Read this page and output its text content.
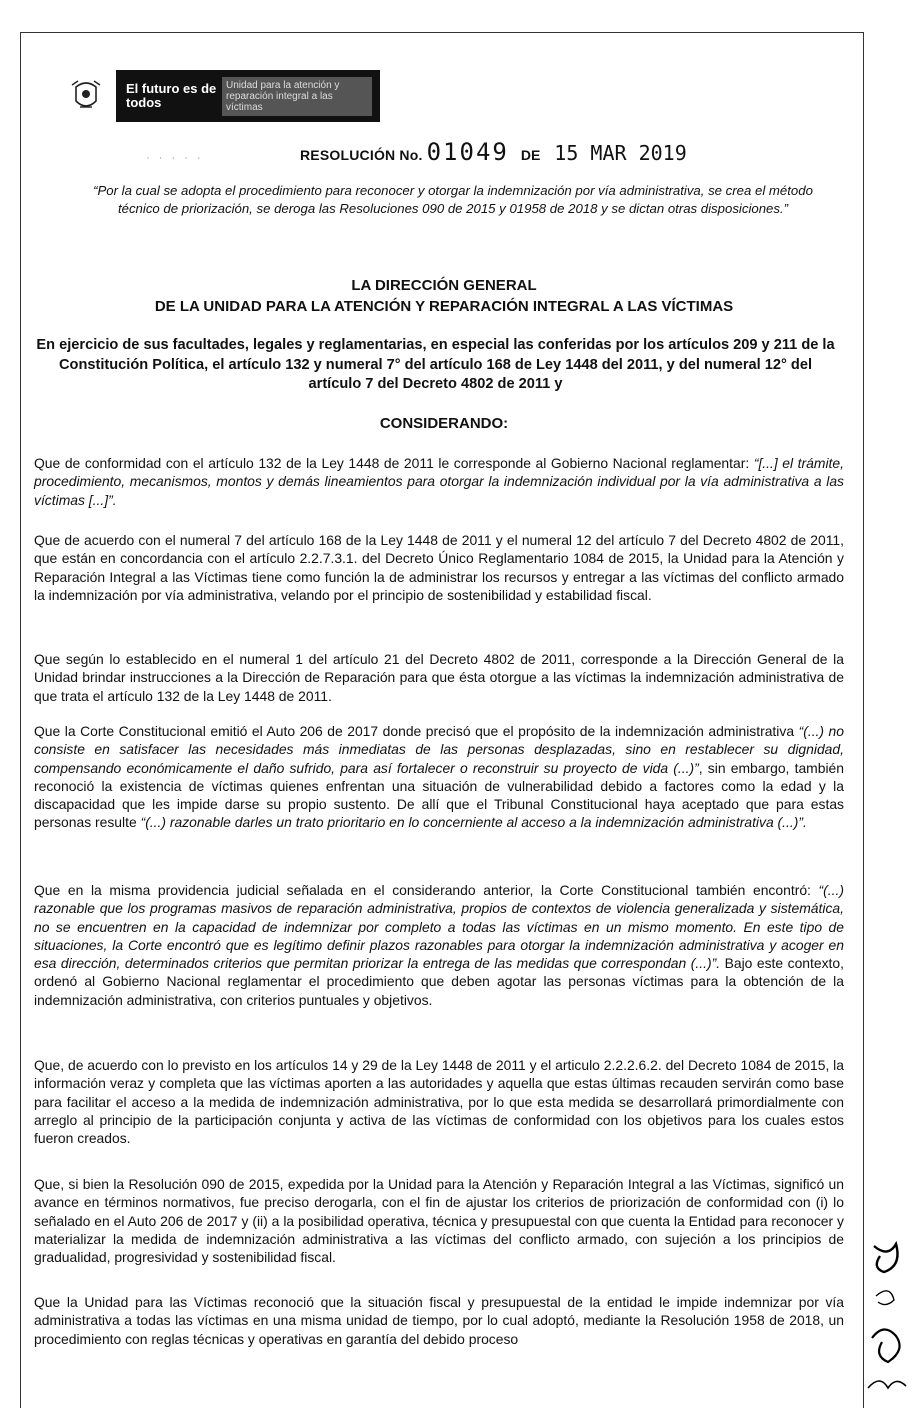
El futuro es de todos
Unidad para la atención y reparación integral a las víctimas
· · · · ·	RESOLUCIÓN No. 01049 DE 15 MAR 2019
“Por la cual se adopta el procedimiento para reconocer y otorgar la indemnización por vía administrativa, se crea el método técnico de priorización, se deroga las Resoluciones 090 de 2015 y 01958 de 2018 y se dictan otras disposiciones.”
LA DIRECCIÓN GENERAL
DE LA UNIDAD PARA LA ATENCIÓN Y REPARACIÓN INTEGRAL A LAS VÍCTIMAS
En ejercicio de sus facultades, legales y reglamentarias, en especial las conferidas por los artículos 209 y 211 de la Constitución Política, el artículo 132 y numeral 7° del artículo 168 de Ley 1448 del 2011, y del numeral 12° del artículo 7 del Decreto 4802 de 2011 y
CONSIDERANDO:
Que de conformidad con el artículo 132 de la Ley 1448 de 2011 le corresponde al Gobierno Nacional reglamentar: “[...] el trámite, procedimiento, mecanismos, montos y demás lineamientos para otorgar la indemnización individual por la vía administrativa a las víctimas [...]”.
Que de acuerdo con el numeral 7 del artículo 168 de la Ley 1448 de 2011 y el numeral 12 del artículo 7 del Decreto 4802 de 2011, que están en concordancia con el artículo 2.2.7.3.1. del Decreto Único Reglamentario 1084 de 2015, la Unidad para la Atención y Reparación Integral a las Víctimas tiene como función la de administrar los recursos y entregar a las víctimas del conflicto armado la indemnización por vía administrativa, velando por el principio de sostenibilidad y estabilidad fiscal.
Que según lo establecido en el numeral 1 del artículo 21 del Decreto 4802 de 2011, corresponde a la Dirección General de la Unidad brindar instrucciones a la Dirección de Reparación para que ésta otorgue a las víctimas la indemnización administrativa de que trata el artículo 132 de la Ley 1448 de 2011.
Que la Corte Constitucional emitió el Auto 206 de 2017 donde precisó que el propósito de la indemnización administrativa “(...) no consiste en satisfacer las necesidades más inmediatas de las personas desplazadas, sino en restablecer su dignidad, compensando económicamente el daño sufrido, para así fortalecer o reconstruir su proyecto de vida (...)”, sin embargo, también reconoció la existencia de víctimas quienes enfrentan una situación de vulnerabilidad debido a factores como la edad y la discapacidad que les impide darse su propio sustento. De allí que el Tribunal Constitucional haya aceptado que para estas personas resulte “(...) razonable darles un trato prioritario en lo concerniente al acceso a la indemnización administrativa (...)”.
Que en la misma providencia judicial señalada en el considerando anterior, la Corte Constitucional también encontró: “(...) razonable que los programas masivos de reparación administrativa, propios de contextos de violencia generalizada y sistemática, no se encuentren en la capacidad de indemnizar por completo a todas las víctimas en un mismo momento. En este tipo de situaciones, la Corte encontró que es legítimo definir plazos razonables para otorgar la indemnización administrativa y acoger en esa dirección, determinados criterios que permitan priorizar la entrega de las medidas que correspondan (...)”. Bajo este contexto, ordenó al Gobierno Nacional reglamentar el procedimiento que deben agotar las personas víctimas para la obtención de la indemnización administrativa, con criterios puntuales y objetivos.
Que, de acuerdo con lo previsto en los artículos 14 y 29 de la Ley 1448 de 2011 y el articulo 2.2.2.6.2. del Decreto 1084 de 2015, la información veraz y completa que las víctimas aporten a las autoridades y aquella que estas últimas recauden servirán como base para facilitar el acceso a la medida de indemnización administrativa, por lo que esta medida se desarrollará primordialmente con arreglo al principio de la participación conjunta y activa de las víctimas de conformidad con los objetivos para los cuales estos fueron creados.
Que, si bien la Resolución 090 de 2015, expedida por la Unidad para la Atención y Reparación Integral a las Víctimas, significó un avance en términos normativos, fue preciso derogarla, con el fin de ajustar los criterios de priorización de conformidad con (i) lo señalado en el Auto 206 de 2017 y (ii) a la posibilidad operativa, técnica y presupuestal con que cuenta la Entidad para reconocer y materializar la medida de indemnización administrativa a las víctimas del conflicto armado, con sujeción a los principios de gradualidad, progresividad y sostenibilidad fiscal.
Que la Unidad para las Víctimas reconoció que la situación fiscal y presupuestal de la entidad le impide indemnizar por vía administrativa a todas las víctimas en una misma unidad de tiempo, por lo cual adoptó, mediante la Resolución 1958 de 2018, un procedimiento con reglas técnicas y operativas en garantía del debido proceso
